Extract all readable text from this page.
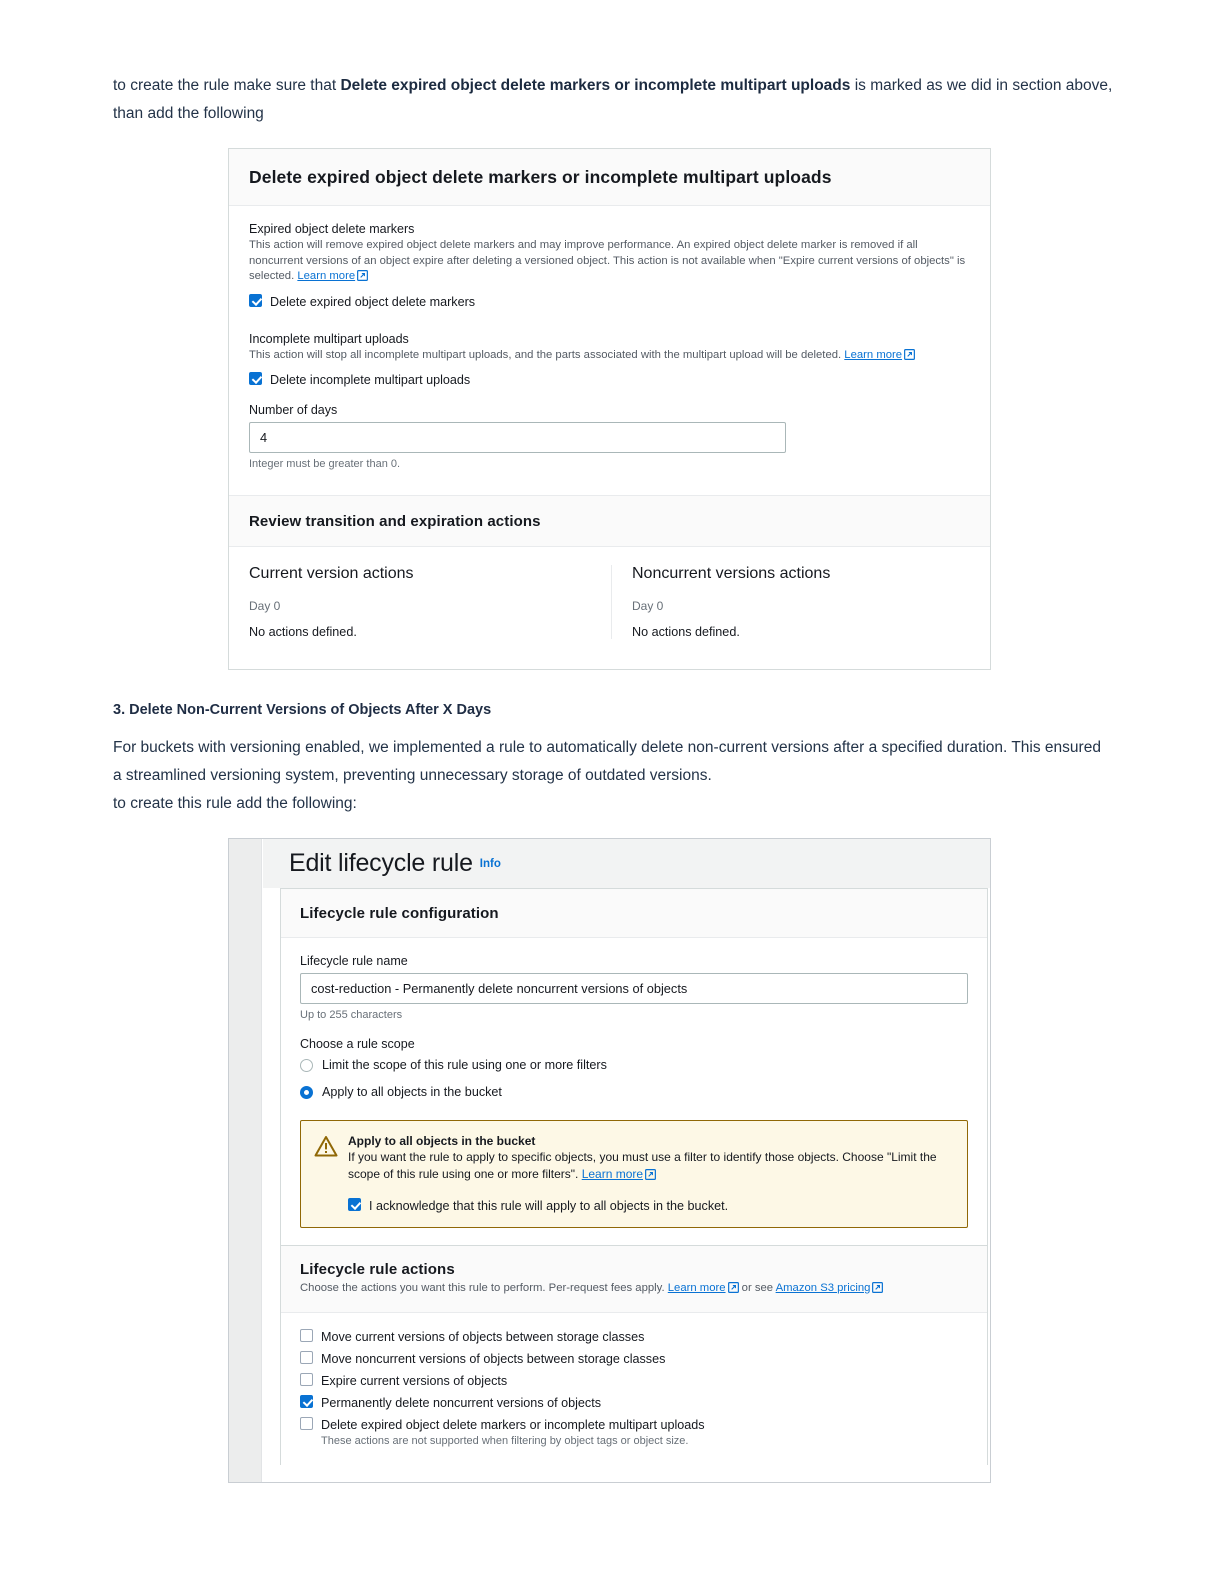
to create the rule make sure that Delete expired object delete markers or incomplete multipart uploads is marked as we did in section above, than add the following
Delete expired object delete markers or incomplete multipart uploads

Expired object delete markers

This action will remove expired object delete markers and may improve performance. An expired object delete marker is removed if all noncurrent versions of an object expire after deleting a versioned object. This action is not available when "Expire current versions of objects" is selected. Learn more

Delete expired object delete markers

Incomplete multipart uploads

This action will stop all incomplete multipart uploads, and the parts associated with the multipart upload will be deleted. Learn more

Delete incomplete multipart uploads

Number of days

4

Integer must be greater than 0.

Review transition and expiration actions
Current version actions
Day 0
No actions defined.
Noncurrent versions actions
Day 0
No actions defined.
3. Delete Non-Current Versions of Objects After X Days
For buckets with versioning enabled, we implemented a rule to automatically delete non-current versions after a specified duration. This ensured a streamlined versioning system, preventing unnecessary storage of outdated versions.
to create this rule add the following:
Edit lifecycle rule $^{Info}$
Lifecycle rule configuration

Lifecycle rule name

cost-reduction - Permanently delete noncurrent versions of objects

Up to 255 characters

Choose a rule scope

Limit the scope of this rule using one or more filters
Apply to all objects in the bucket
Apply to all objects in the bucket
If you want the rule to apply to specific objects, you must use a filter to identify those objects. Choose "Limit the scope of this rule using one or more filters". Learn more
I acknowledge that this rule will apply to all objects in the bucket.
Lifecycle rule actions
Choose the actions you want this rule to perform. Per-request fees apply. Learn more or see Amazon S3 pricing
Move current versions of objects between storage classes
Move noncurrent versions of objects between storage classes
Expire current versions of objects
Permanently delete noncurrent versions of objects
Delete expired object delete markers or incomplete multipart uploads
These actions are not supported when filtering by object tags or object size.
